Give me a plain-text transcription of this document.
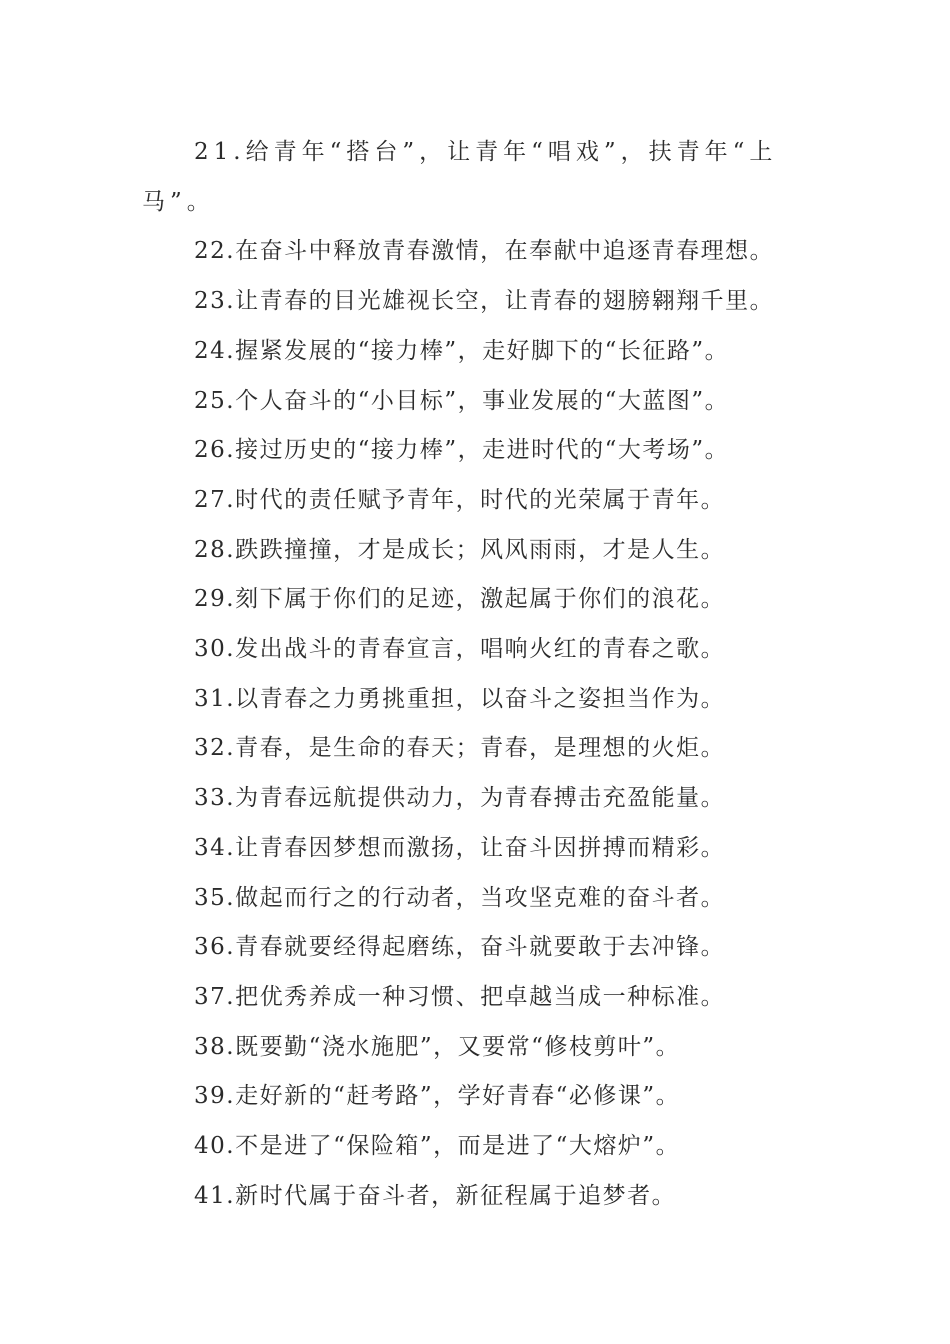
21.给青年“搭台”，让青年“唱戏”，扶青年“上马”。

22.在奋斗中释放青春激情，在奉献中追逐青春理想。

23.让青春的目光雄视长空，让青春的翅膀翱翔千里。

24.握紧发展的“接力棒”，走好脚下的“长征路”。

25.个人奋斗的“小目标”，事业发展的“大蓝图”。

26.接过历史的“接力棒”，走进时代的“大考场”。

27.时代的责任赋予青年，时代的光荣属于青年。

28.跌跌撞撞，才是成长；风风雨雨，才是人生。

29.刻下属于你们的足迹，激起属于你们的浪花。

30.发出战斗的青春宣言，唱响火红的青春之歌。

31.以青春之力勇挑重担，以奋斗之姿担当作为。

32.青春，是生命的春天；青春，是理想的火炬。

33.为青春远航提供动力，为青春搏击充盈能量。

34.让青春因梦想而激扬，让奋斗因拼搏而精彩。

35.做起而行之的行动者，当攻坚克难的奋斗者。

36.青春就要经得起磨练，奋斗就要敢于去冲锋。

37.把优秀养成一种习惯、把卓越当成一种标准。

38.既要勤“浇水施肥”，又要常“修枝剪叶”。

39.走好新的“赶考路”，学好青春“必修课”。

40.不是进了“保险箱”，而是进了“大熔炉”。

41.新时代属于奋斗者，新征程属于追梦者。
